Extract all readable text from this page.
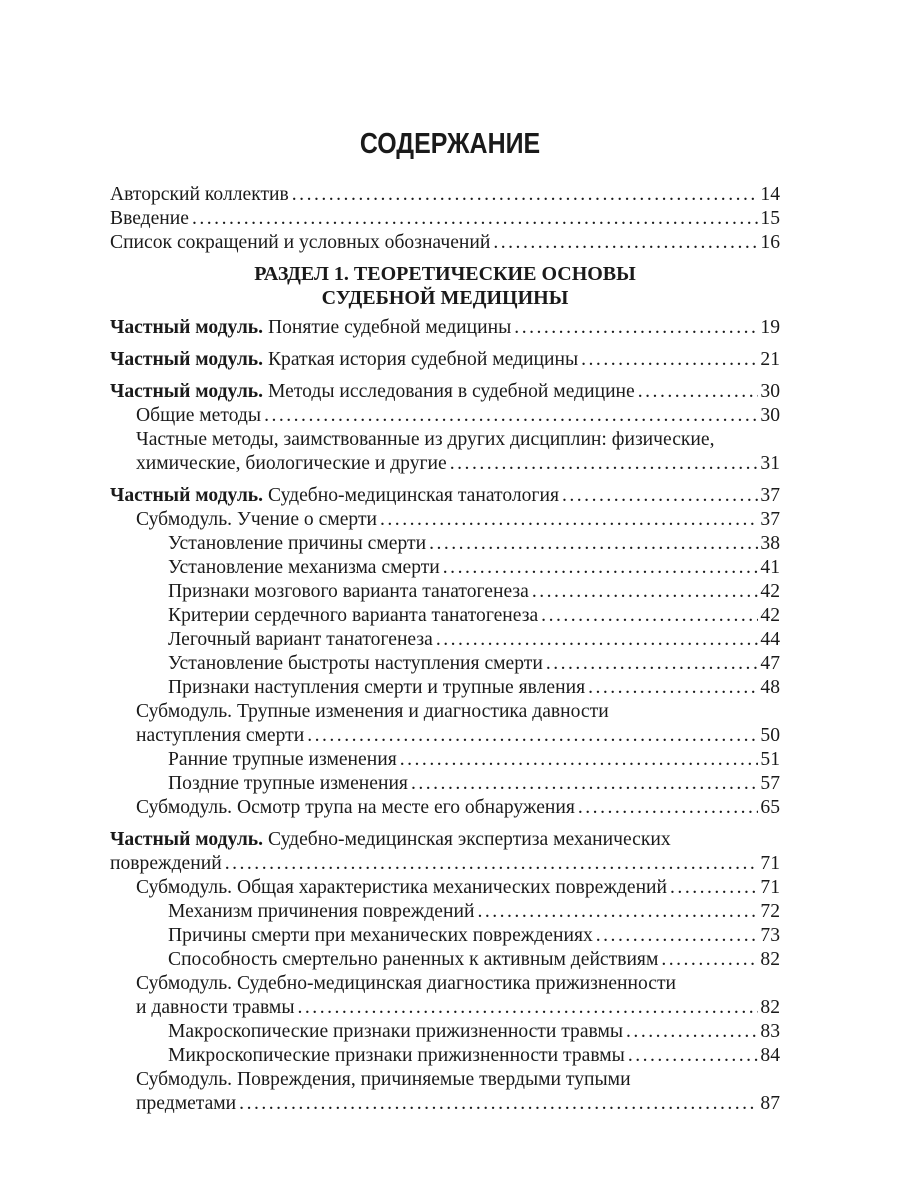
СОДЕРЖАНИЕ
Авторский коллектив . . .	14
Введение . . .	15
Список сокращений и условных обозначений . . .	16
РАЗДЕЛ 1. ТЕОРЕТИЧЕСКИЕ ОСНОВЫ
СУДЕБНОЙ МЕДИЦИНЫ
Частный модуль. Понятие судебной медицины . . .	19
Частный модуль. Краткая история судебной медицины . . .	21
Частный модуль. Методы исследования в судебной медицине . . .	30
Общие методы . . .	30
Частные методы, заимствованные из других дисциплин: физические,
химические, биологические и другие . . .	31
Частный модуль. Судебно-медицинская танатология . . .	37
Субмодуль. Учение о смерти . . .	37
Установление причины смерти . . .	38
Установление механизма смерти . . .	41
Признаки мозгового варианта танатогенеза . . .	42
Критерии сердечного варианта танатогенеза . . .	42
Легочный вариант танатогенеза . . .	44
Установление быстроты наступления смерти . . .	47
Признаки наступления смерти и трупные явления . . .	48
Субмодуль. Трупные изменения и диагностика давности
наступления смерти . . .	50
Ранние трупные изменения . . .	51
Поздние трупные изменения . . .	57
Субмодуль. Осмотр трупа на месте его обнаружения . . .	65
Частный модуль. Судебно-медицинская экспертиза механических
повреждений . . .	71
Субмодуль. Общая характеристика механических повреждений . . .	71
Механизм причинения повреждений . . .	72
Причины смерти при механических повреждениях . . .	73
Способность смертельно раненных к активным действиям . . .	82
Субмодуль. Судебно-медицинская диагностика прижизненности
и давности травмы . . .	82
Макроскопические признаки прижизненности травмы . . .	83
Микроскопические признаки прижизненности травмы . . .	84
Субмодуль. Повреждения, причиняемые твердыми тупыми
предметами . . .	87
